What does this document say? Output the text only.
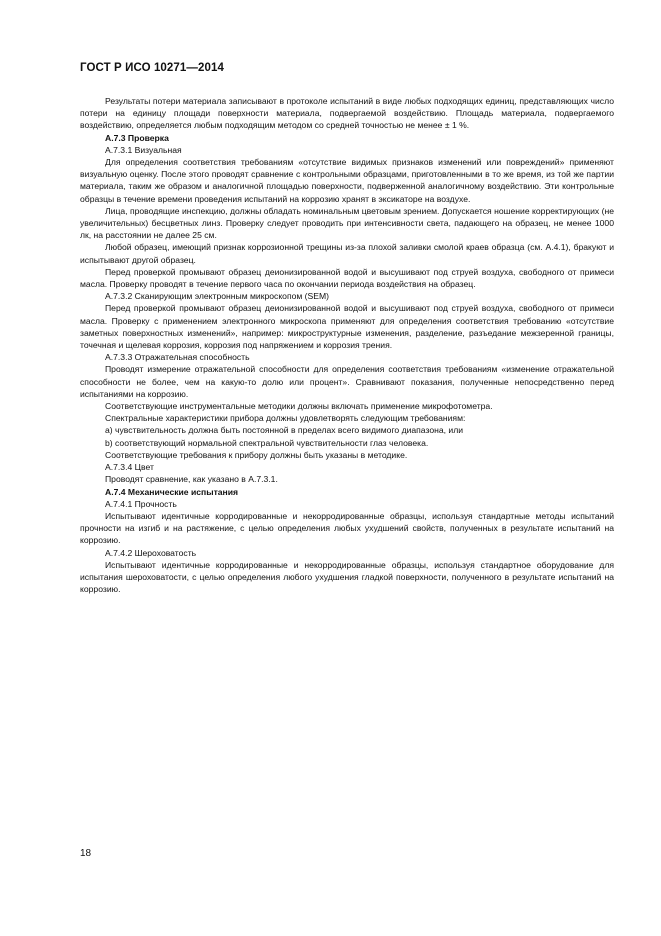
ГОСТ Р ИСО 10271—2014

Результаты потери материала записывают в протоколе испытаний в виде любых подходящих единиц, представляющих число потери на единицу площади поверхности материала, подвергаемой воздействию. Площадь материала, подвергаемого воздействию, определяется любым подходящим методом со средней точностью не менее ± 1 %.

А.7.3 Проверка

А.7.3.1 Визуальная

Для определения соответствия требованиям «отсутствие видимых признаков изменений или повреждений» применяют визуальную оценку. После этого проводят сравнение с контрольными образцами, приготовленными в то же время, из той же партии материала, таким же образом и аналогичной площадью поверхности, подверженной аналогичному воздействию. Эти контрольные образцы в течение времени проведения испытаний на коррозию хранят в эксикаторе на воздухе.

Лица, проводящие инспекцию, должны обладать номинальным цветовым зрением. Допускается ношение корректирующих (не увеличительных) бесцветных линз. Проверку следует проводить при интенсивности света, падающего на образец, не менее 1000 лк, на расстоянии не далее 25 см.

Любой образец, имеющий признак коррозионной трещины из-за плохой заливки смолой краев образца (см. А.4.1), бракуют и испытывают другой образец.

Перед проверкой промывают образец деионизированной водой и высушивают под струей воздуха, свободного от примеси масла. Проверку проводят в течение первого часа по окончании периода воздействия на образец.

А.7.3.2 Сканирующим электронным микроскопом (SEM)

Перед проверкой промывают образец деионизированной водой и высушивают под струей воздуха, свободного от примеси масла. Проверку с применением электронного микроскопа применяют для определения соответствия требованию «отсутствие заметных поверхностных изменений», например: микроструктурные изменения, разделение, разъедание межзеренной границы, точечная и щелевая коррозия, коррозия под напряжением и коррозия трения.

А.7.3.3 Отражательная способность

Проводят измерение отражательной способности для определения соответствия требованиям «изменение отражательной способности не более, чем на какую-то долю или процент». Сравнивают показания, полученные непосредственно перед испытаниями на коррозию.

Соответствующие инструментальные методики должны включать применение микрофотометра.

Спектральные характеристики прибора должны удовлетворять следующим требованиям:

a) чувствительность должна быть постоянной в пределах всего видимого диапазона, или

b) соответствующий нормальной спектральной чувствительности глаз человека.

Соответствующие требования к прибору должны быть указаны в методике.

А.7.3.4 Цвет

Проводят сравнение, как указано в А.7.3.1.

А.7.4 Механические испытания

А.7.4.1 Прочность

Испытывают идентичные корродированные и некорродированные образцы, используя стандартные методы испытаний прочности на изгиб и на растяжение, с целью определения любых ухудшений свойств, полученных в результате испытаний на коррозию.

А.7.4.2 Шероховатость

Испытывают идентичные корродированные и некорродированные образцы, используя стандартное оборудование для испытания шероховатости, с целью определения любого ухудшения гладкой поверхности, полученного в результате испытаний на коррозию.

18
